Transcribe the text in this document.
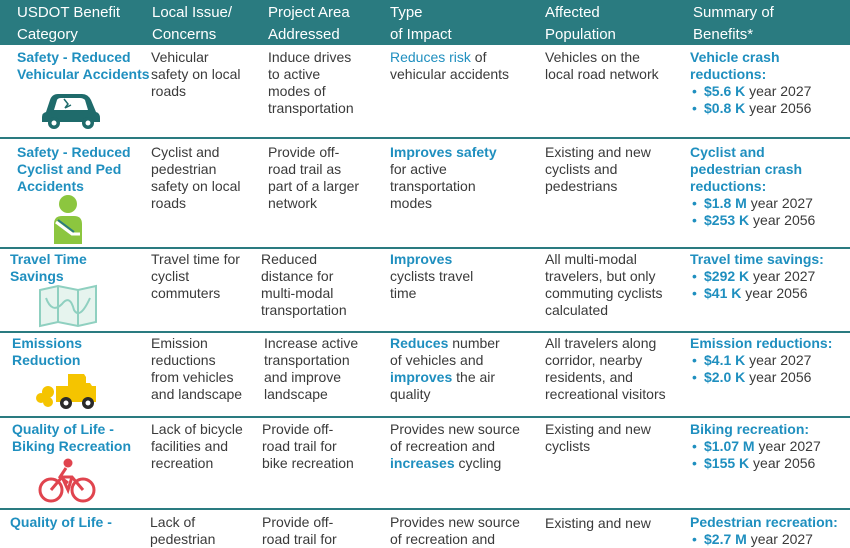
USDOT Benefit
Category
Local Issue/
Concerns
Project Area
Addressed
Type
of Impact
Affected
Population
Summary of
Benefits*
Safety - Reduced
Vehicular Accidents
Vehicular
safety on local
roads
Induce drives
to active
modes of
transportation
Reduces risk of
vehicular accidents
Vehicles on the
local road network
Vehicle crash
reductions:
• $5.6 K year 2027
• $0.8 K year 2056
Safety - Reduced
Cyclist and Ped
Accidents
Cyclist and
pedestrian
safety on local
roads
Provide off-
road trail as
part of a larger
network
Improves safety
for active
transportation
modes
Existing and new
cyclists and
pedestrians
Cyclist and
pedestrian crash
reductions:
• $1.8 M year 2027
• $253 K year 2056
Travel Time
Savings
Travel time for
cyclist
commuters
Reduced
distance for
multi-modal
transportation
Improves
cyclists travel
time
All multi-modal
travelers, but only
commuting cyclists
calculated
Travel time savings:
• $292 K year 2027
• $41 K year 2056
Emissions
Reduction
Emission
reductions
from vehicles
and landscape
Increase active
transportation
and improve
landscape
Reduces number
of vehicles and
improves the air
quality
All travelers along
corridor, nearby
residents, and
recreational visitors
Emission reductions:
• $4.1 K year 2027
• $2.0 K year 2056
Quality of Life -
Biking Recreation
Lack of bicycle
facilities and
recreation
Provide off-
road trail for
bike recreation
Provides new source
of recreation and
increases cycling
Existing and new
cyclists
Biking recreation:
• $1.07 M year 2027
• $155 K year 2056
Quality of Life -	Lack of
pedestrian
Provide off-
road trail for
Provides new source
of recreation and
Existing and new	Pedestrian recreation:
• $2.7 M year 2027
